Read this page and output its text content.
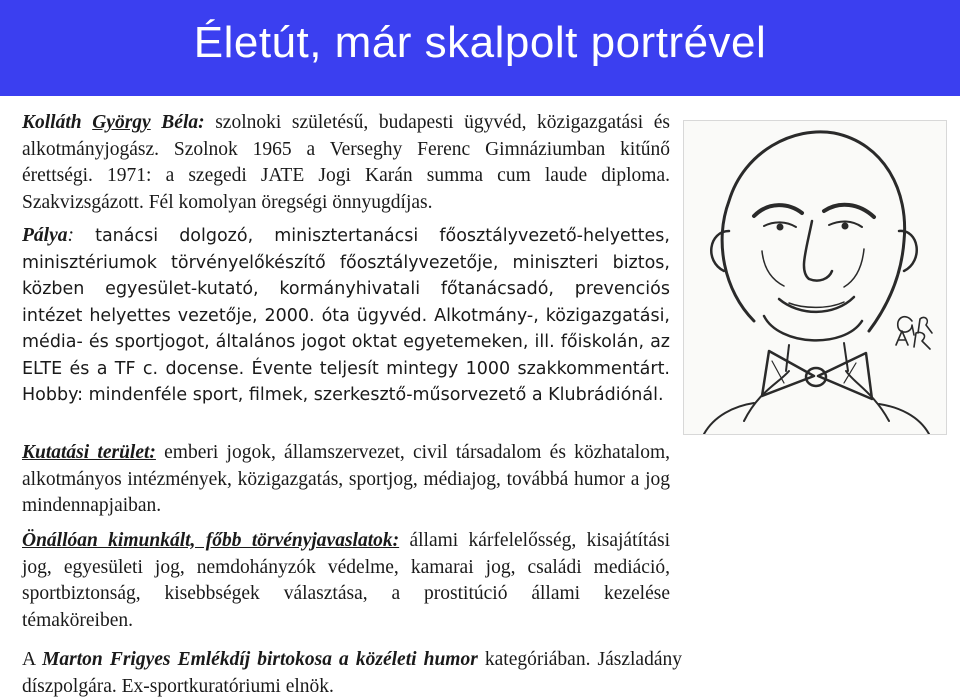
Életút, már skalpolt portrével

Kolláth György Béla: szolnoki születésű, budapesti ügyvéd, közigazgatási és alkotmányjogász. Szolnok 1965 a Verseghy Ferenc Gimnáziumban kitűnő érettségi. 1971: a szegedi JATE Jogi Karán summa cum laude diploma. Szakvizsgázott. Fél komolyan öregségi önnyugdíjas.

Pálya: tanácsi dolgozó, minisztertanácsi főosztályvezető-helyettes, minisztériumok törvényelőkészítő főosztályvezetője, miniszteri biztos, közben egyesület-kutató, kormányhivatali főtanácsadó, prevenciós intézet helyettes vezetője, 2000. óta ügyvéd. Alkotmány-, közigazgatási, média- és sportjogot, általános jogot oktat egyetemeken, ill. főiskolán, az ELTE és a TF c. docense. Évente teljesít mintegy 1000 szakkommentárt. Hobby: mindenféle sport, filmek, szerkesztő-műsorvezető a Klubrádiónál.

Kutatási terület: emberi jogok, államszervezet, civil társadalom és közhatalom, alkotmányos intézmények, közigazgatás, sportjog, médiajog, továbbá humor a jog mindennapjaiban.

Önállóan kimunkált, főbb törvényjavaslatok: állami kárfelelősség, kisajátítási jog, egyesületi jog, nemdohányzók védelme, kamarai jog, családi mediáció, sportbiztonság, kisebbségek választása, a prostitúció állami kezelése témaköreiben.

A Marton Frigyes Emlékdíj birtokosa a közéleti humor kategóriában. Jászladány díszpolgára. Ex-sportkuratóriumi elnök.
